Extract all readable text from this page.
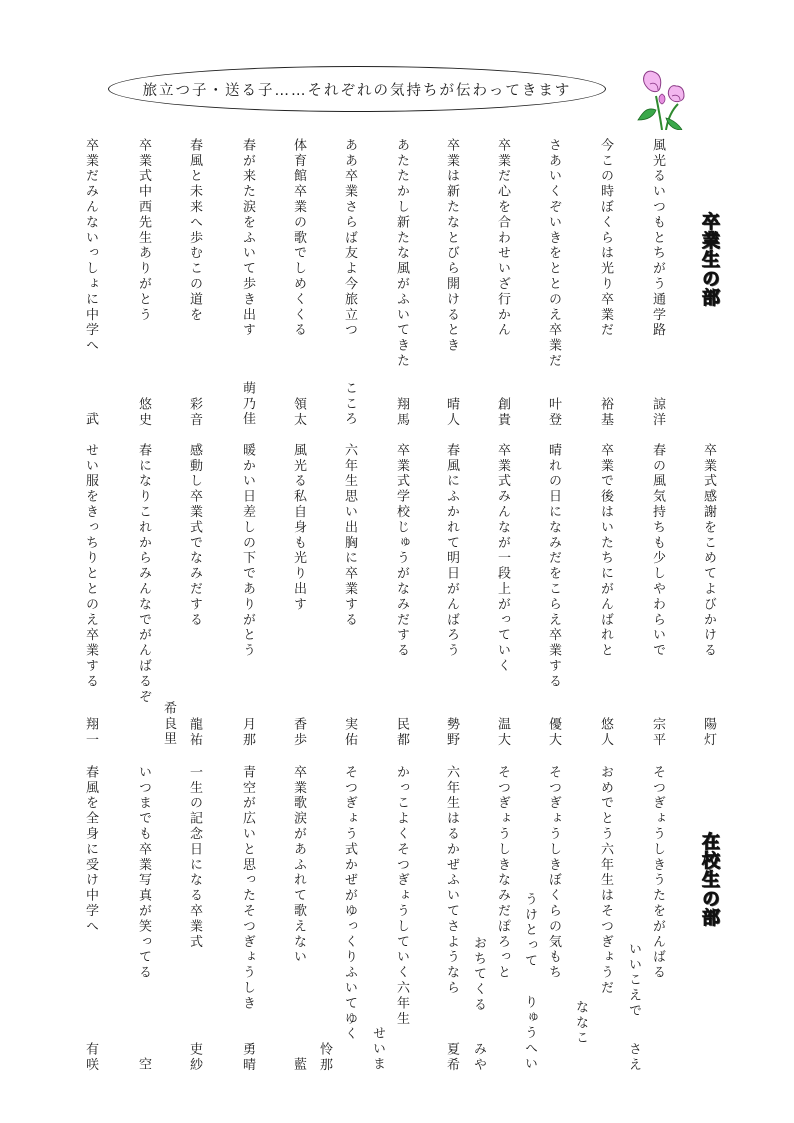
旅立つ子・送る子……それぞれの気持ちが伝わってきます
卒業生の部
在校生の部
風光るいつもとちがう通学路
諒洋
今この時ぼくらは光り卒業だ
裕基
さあいくぞいきをととのえ卒業だ
叶登
卒業だ心を合わせいざ行かん
創貴
卒業は新たなとびら開けるとき
晴人
あたたかし新たな風がふいてきた
翔馬
ああ卒業さらば友よ今旅立つ
こころ
体育館卒業の歌でしめくくる
領太
春が来た涙をふいて歩き出す
萌乃佳
春風と未来へ歩むこの道を
彩音
卒業式中西先生ありがとう
悠史
卒業だみんないっしょに中学へ
武
卒業式感謝をこめてよびかける
陽灯
春の風気持ちも少しやわらいで
宗平
卒業で後はいたちにがんばれと
悠人
晴れの日になみだをこらえ卒業する
優大
卒業式みんなが一段上がっていく
温大
春風にふかれて明日がんばろう
勢野
卒業式学校じゅうがなみだする
民都
六年生思い出胸に卒業する
実佑
風光る私自身も光り出す
香歩
暖かい日差しの下でありがとう
月那
感動し卒業式でなみだする
龍祐
春になりこれからみんなでがんばるぞ
希良里
せい服をきっちりととのえ卒業する
翔一
そつぎょうしきうたをがんばる
いいこえで
さえ
おめでとう六年生はそつぎょうだ
ななこ
そつぎょうしきぼくらの気もち
うけとって
りゅうへい
そつぎょうしきなみだぽろっと
おちてくる
みや
六年生はるかぜふいてさようなら
夏希
かっこよくそつぎょうしていく六年生
せいま
そつぎょう式かぜがゆっくりふいてゆく
怜那
卒業歌涙があふれて歌えない
藍
青空が広いと思ったそつぎょうしき
勇晴
一生の記念日になる卒業式
吏紗
いつまでも卒業写真が笑ってる
空
春風を全身に受け中学へ
有咲
